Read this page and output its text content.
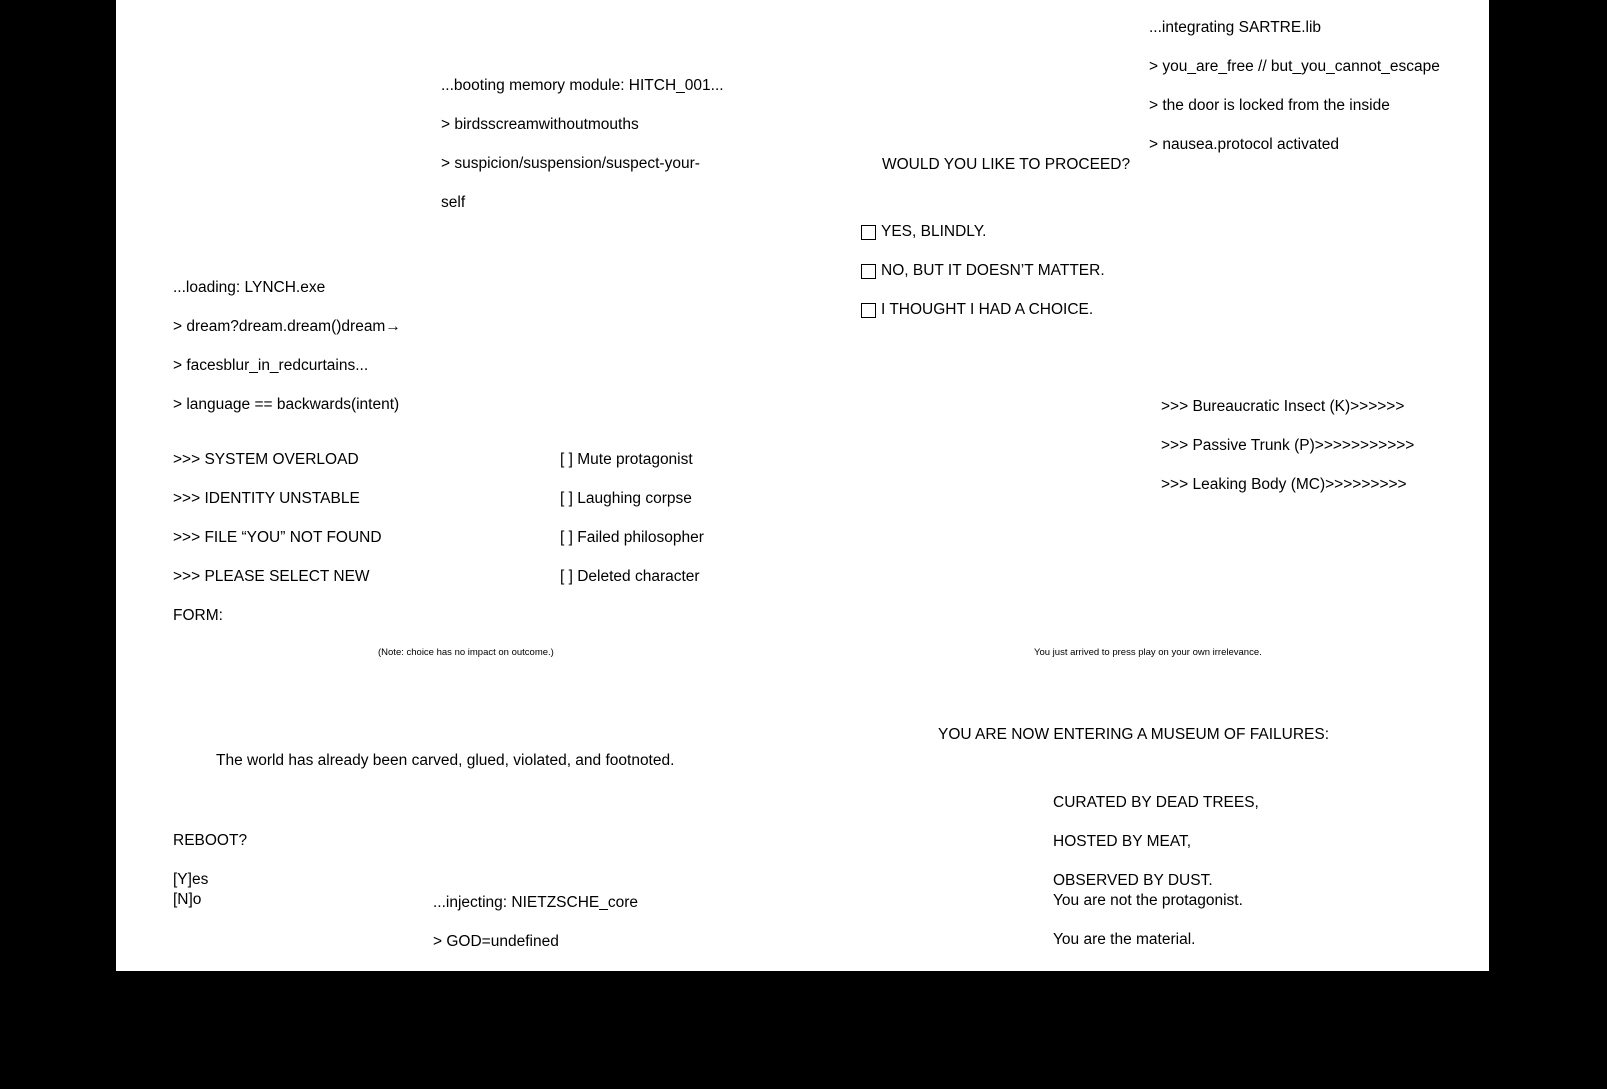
...integrating SARTRE.lib

> you_are_free // but_you_cannot_escape

> the door is locked from the inside

> nausea.protocol activated

...booting memory module: HITCH_001...

> birdsscreamwithoutmouths

> suspicion/suspension/suspect-your-

self

WOULD YOU LIKE TO PROCEED?
YES, BLINDLY.
NO, BUT IT DOESN’T MATTER.
I THOUGHT I HAD A CHOICE.

...loading: LYNCH.exe

> dream?dream.dream()dream→

> facesblur_in_redcurtains...

> language == backwards(intent)	>>> Bureaucratic Insect (K)>>>>>>

>>> Passive Trunk (P)>>>>>>>>>>>

>>> Leaking Body (MC)>>>>>>>>>

>>> SYSTEM OVERLOAD

>>> IDENTITY UNSTABLE

>>> FILE “YOU” NOT FOUND

>>> PLEASE SELECT NEW

FORM:

[ ] Mute protagonist

[ ] Laughing corpse

[ ] Failed philosopher

[ ] Deleted character

(Note: choice has no impact on outcome.)	You just arrived to press play on your own irrelevance.
YOU ARE NOW ENTERING A MUSEUM OF FAILURES:

CURATED BY DEAD TREES,

HOSTED BY MEAT,

OBSERVED BY DUST.

You are not the protagonist.

You are the material.

The world has already been carved, glued, violated, and footnoted.
REBOOT?
[Y]es
[N]o	...injecting: NIETZSCHE_core

> GOD=undefined

> ∞loop(): killGod(); become_hollow(); lau-

gh();

> abyss.abyss.abyss.gazes()
